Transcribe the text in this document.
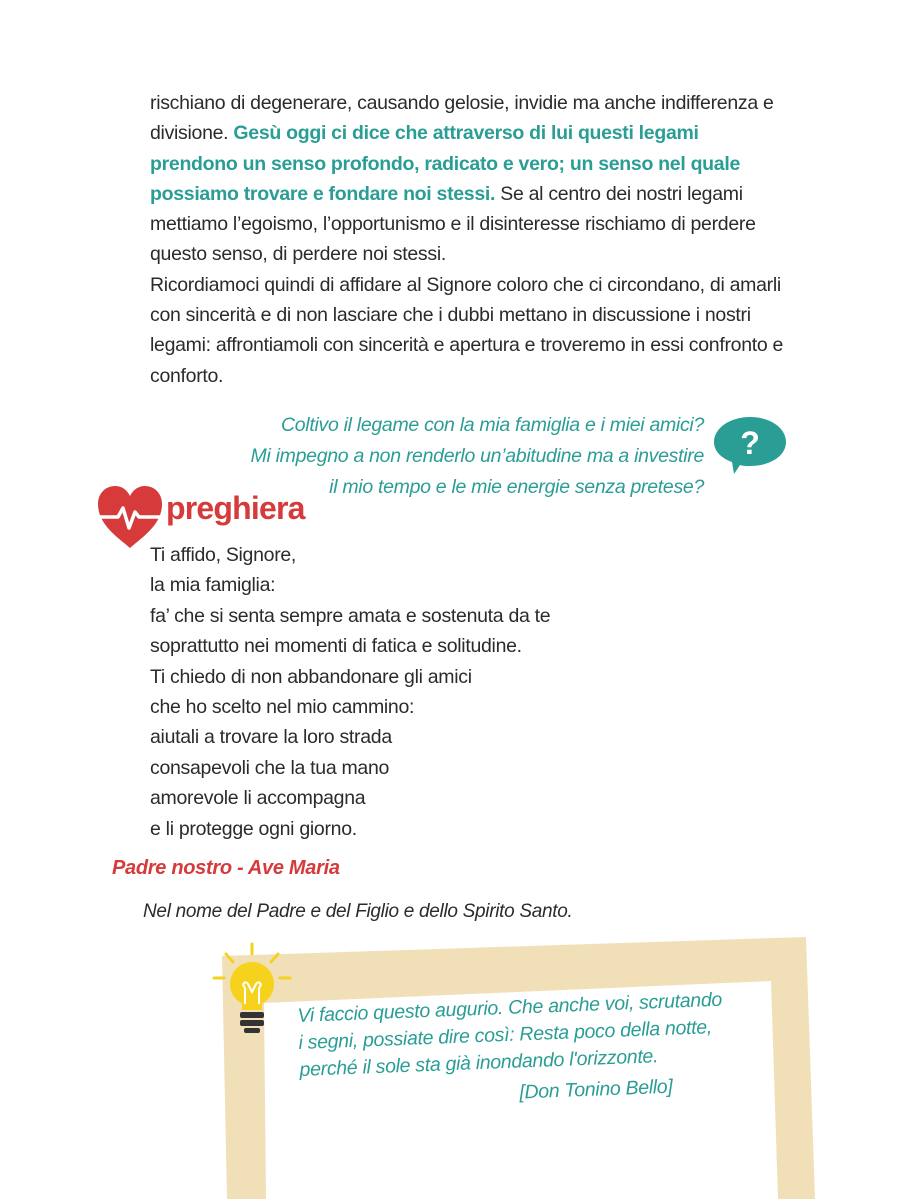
rischiano di degenerare, causando gelosie, invidie ma anche indifferenza e divisione. Gesù oggi ci dice che attraverso di lui questi legami prendono un senso profondo, radicato e vero; un senso nel quale possiamo trovare e fondare noi stessi. Se al centro dei nostri legami mettiamo l’egoismo, l’opportunismo e il disinteresse rischiamo di perdere questo senso, di perdere noi stessi.

Ricordiamoci quindi di affidare al Signore coloro che ci circondano, di amarli con sincerità e di non lasciare che i dubbi mettano in discussione i nostri legami: affrontiamoli con sincerità e apertura e troveremo in essi confronto e conforto.

Coltivo il legame con la mia famiglia e i miei amici?
Mi impegno a non renderlo un’abitudine ma a investire
il mio tempo e le mie energie senza pretese?
?
preghiera
Ti affido, Signore,
la mia famiglia:
fa’ che si senta sempre amata e sostenuta da te
soprattutto nei momenti di fatica e solitudine.
Ti chiedo di non abbandonare gli amici
che ho scelto nel mio cammino:
aiutali a trovare la loro strada
consapevoli che la tua mano
amorevole li accompagna
e li protegge ogni giorno.
Padre nostro - Ave Maria
Nel nome del Padre e del Figlio e dello Spirito Santo.

Vi faccio questo augurio. Che anche voi, scrutando

i segni, possiate dire così: Resta poco della notte,

perché il sole sta già inondando l'orizzonte.

[Don Tonino Bello]
